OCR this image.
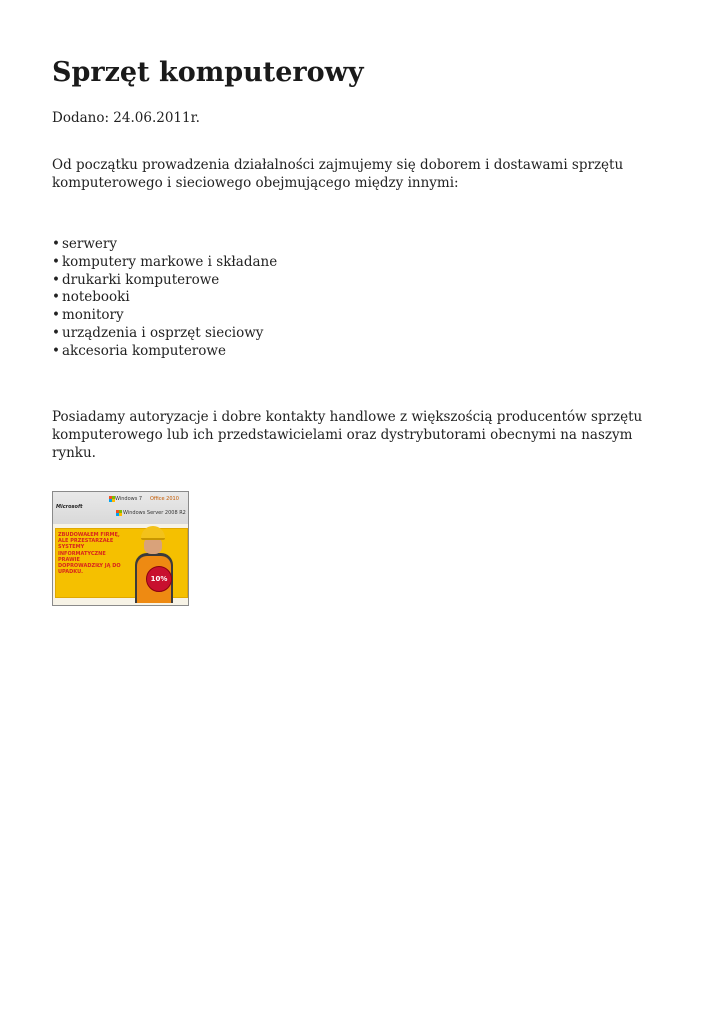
Sprzęt komputerowy

Dodano: 24.06.2011r.

Od początku prowadzenia działalności zajmujemy się doborem i dostawami sprzętu komputerowego i sieciowego obejmującego między innymi:

• serwery
• komputery markowe i składane
• drukarki komputerowe
• notebooki
• monitory
• urządzenia i osprzęt sieciowy
• akcesoria komputerowe

Posiadamy autoryzacje i dobre kontakty handlowe z większością producentów sprzętu komputerowego lub ich przedstawicielami oraz dystrybutorami obecnymi na naszym rynku.

Microsoft
Windows 7 Office 2010
Windows Server 2008 R2
ZBUDOWAŁEM FIRMĘ, ALE PRZESTARZAŁE SYSTEMY INFORMATYCZNE PRAWIE DOPROWADZIŁY JĄ DO UPADKU.
10%
